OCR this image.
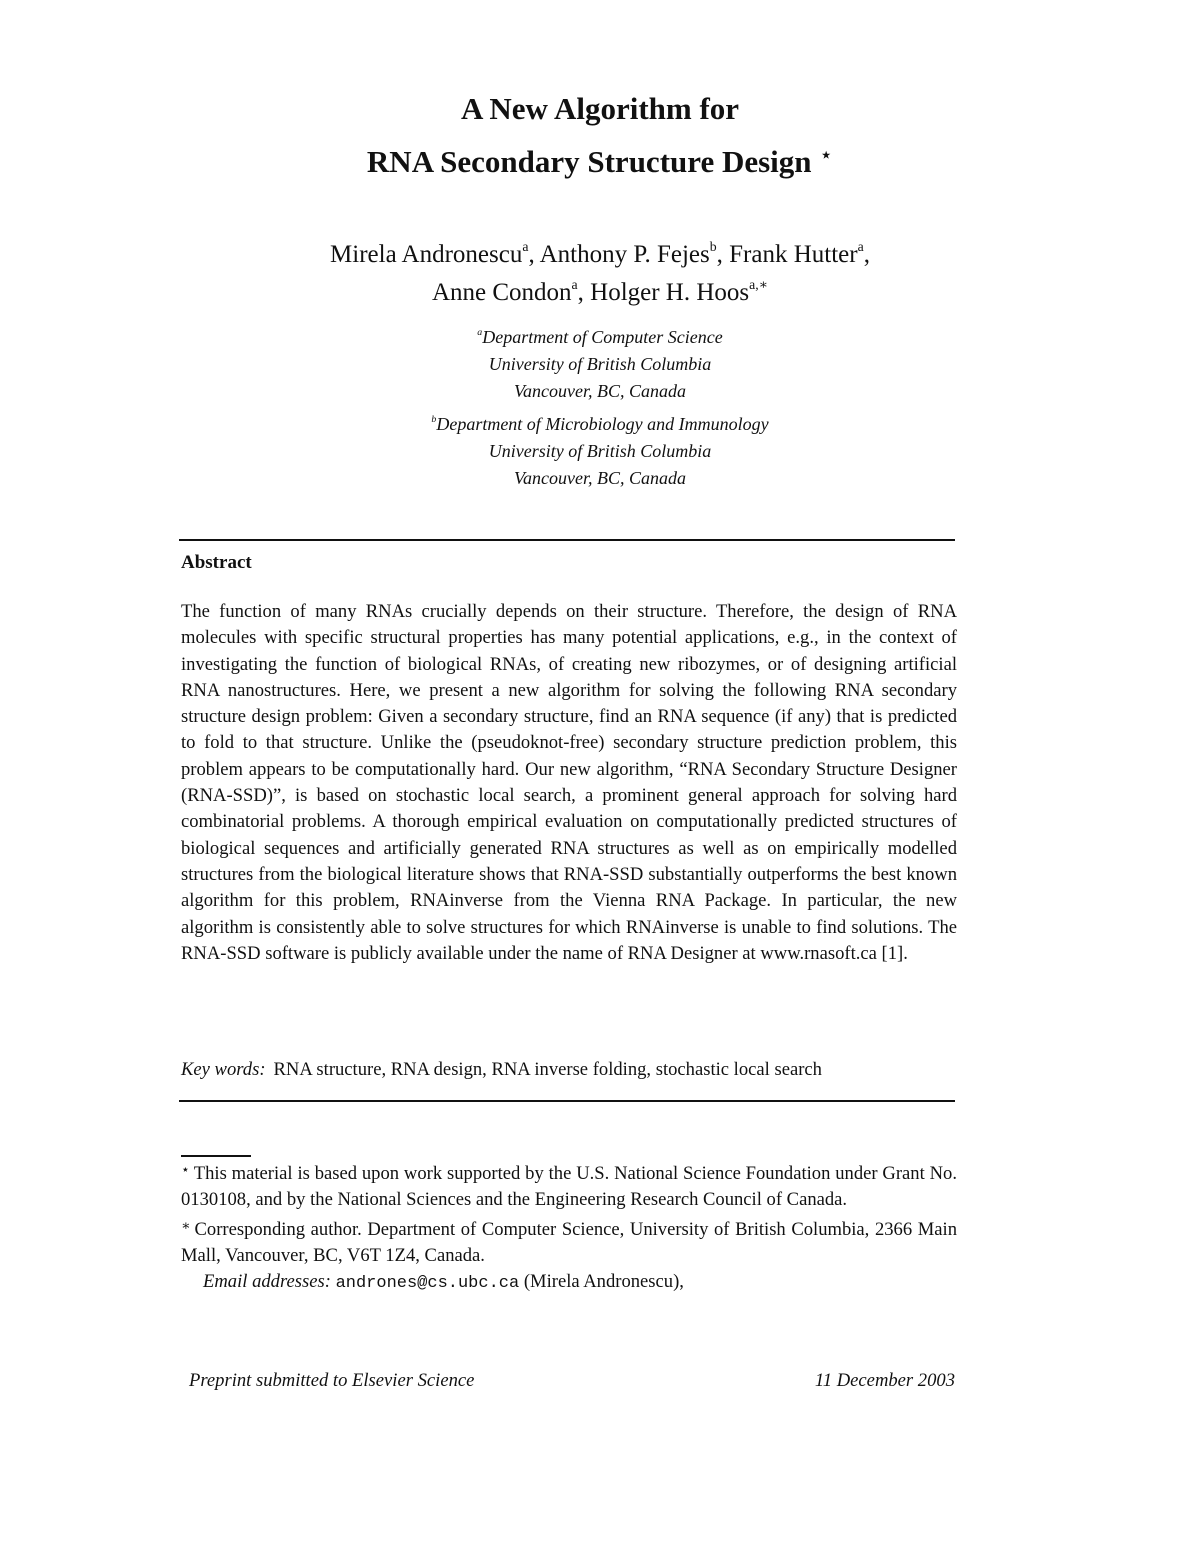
A New Algorithm for
RNA Secondary Structure Design ⋆
Mirela Andronescu$^a$, Anthony P. Fejes$^b$, Frank Hutter$^a$,
Anne Condon$^a$, Holger H. Hoos$^{a,∗}$
$^a$Department of Computer Science
University of British Columbia
Vancouver, BC, Canada
$^b$Department of Microbiology and Immunology
University of British Columbia
Vancouver, BC, Canada
Abstract
The function of many RNAs crucially depends on their structure. Therefore, the design of RNA molecules with specific structural properties has many potential applications, e.g., in the context of investigating the function of biological RNAs, of creating new ribozymes, or of designing artificial RNA nanostructures. Here, we present a new algorithm for solving the following RNA secondary structure design problem: Given a secondary structure, find an RNA sequence (if any) that is predicted to fold to that structure. Unlike the (pseudoknot-free) secondary structure prediction problem, this problem appears to be computationally hard. Our new algorithm, “RNA Secondary Structure Designer (RNA-SSD)”, is based on stochastic local search, a prominent general approach for solving hard combinatorial problems. A thorough empirical evaluation on computationally predicted structures of biological sequences and artificially generated RNA structures as well as on empirically modelled structures from the biological literature shows that RNA-SSD substantially outperforms the best known algorithm for this problem, RNAinverse from the Vienna RNA Package. In particular, the new algorithm is consistently able to solve structures for which RNAinverse is unable to find solutions. The RNA-SSD software is publicly available under the name of RNA Designer at www.rnasoft.ca [1].
Key words: RNA structure, RNA design, RNA inverse folding, stochastic local search

⋆ This material is based upon work supported by the U.S. National Science Foundation under Grant No. 0130108, and by the National Sciences and the Engineering Research Council of Canada.

∗ Corresponding author. Department of Computer Science, University of British Columbia, 2366 Main Mall, Vancouver, BC, V6T 1Z4, Canada.

Email addresses: andrones@cs.ubc.ca (Mirela Andronescu),

Preprint submitted to Elsevier Science	11 December 2003
